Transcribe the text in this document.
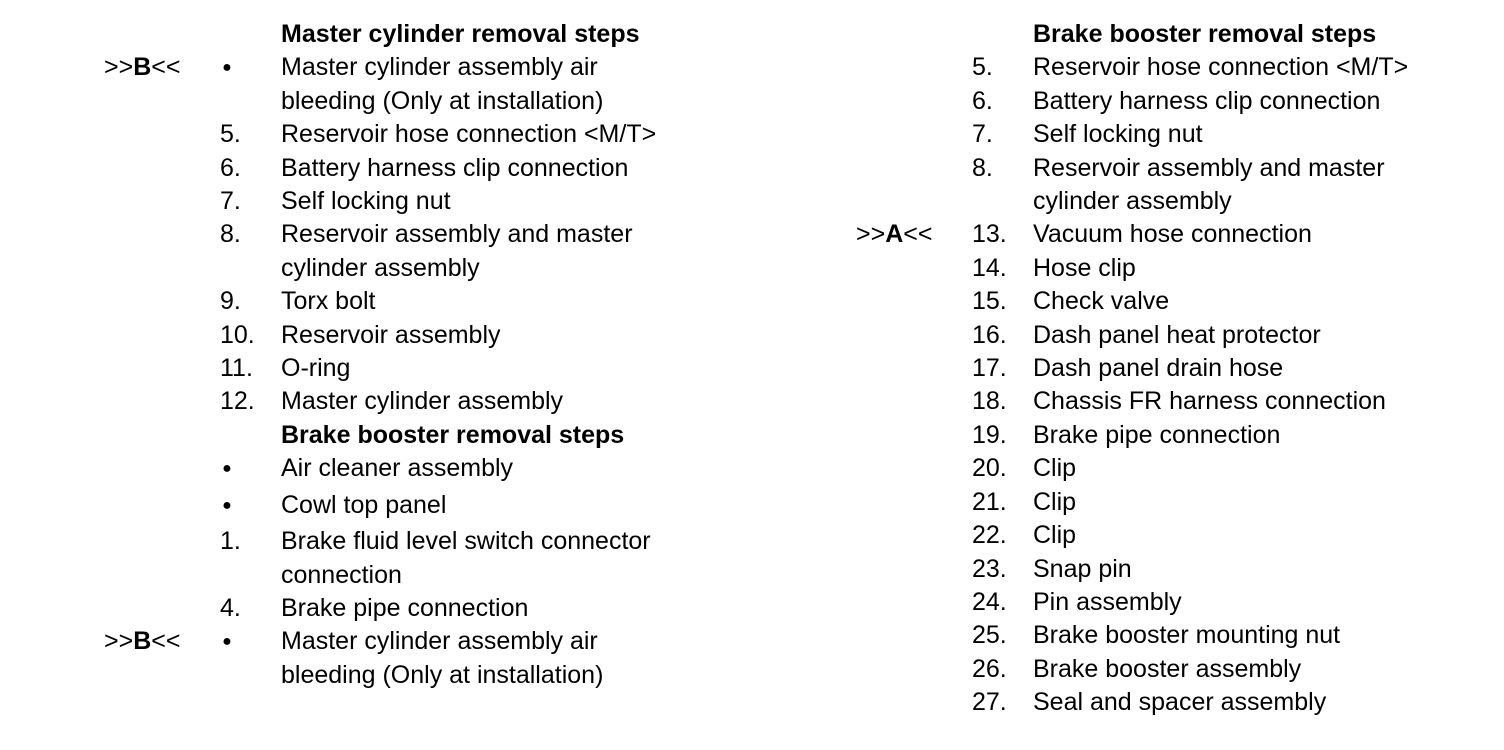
Master cylinder removal steps
>>B<<	● Master cylinder assembly air
bleeding (Only at installation)
5. Reservoir hose connection <M/T>
6. Battery harness clip connection
7. Self locking nut
8. Reservoir assembly and master
cylinder assembly
9. Torx bolt
10. Reservoir assembly
11. O-ring
12. Master cylinder assembly
Brake booster removal steps
● Air cleaner assembly
● Cowl top panel
1. Brake fluid level switch connector
connection
4. Brake pipe connection
>>B<<	● Master cylinder assembly air
bleeding (Only at installation)
Brake booster removal steps
5. Reservoir hose connection <M/T>
6. Battery harness clip connection
7. Self locking nut
8. Reservoir assembly and master
cylinder assembly
>>A<< 13. Vacuum hose connection
14. Hose clip
15. Check valve
16. Dash panel heat protector
17. Dash panel drain hose
18. Chassis FR harness connection
19. Brake pipe connection
20. Clip
21. Clip
22. Clip
23. Snap pin
24. Pin assembly
25. Brake booster mounting nut
26. Brake booster assembly
27. Seal and spacer assembly
